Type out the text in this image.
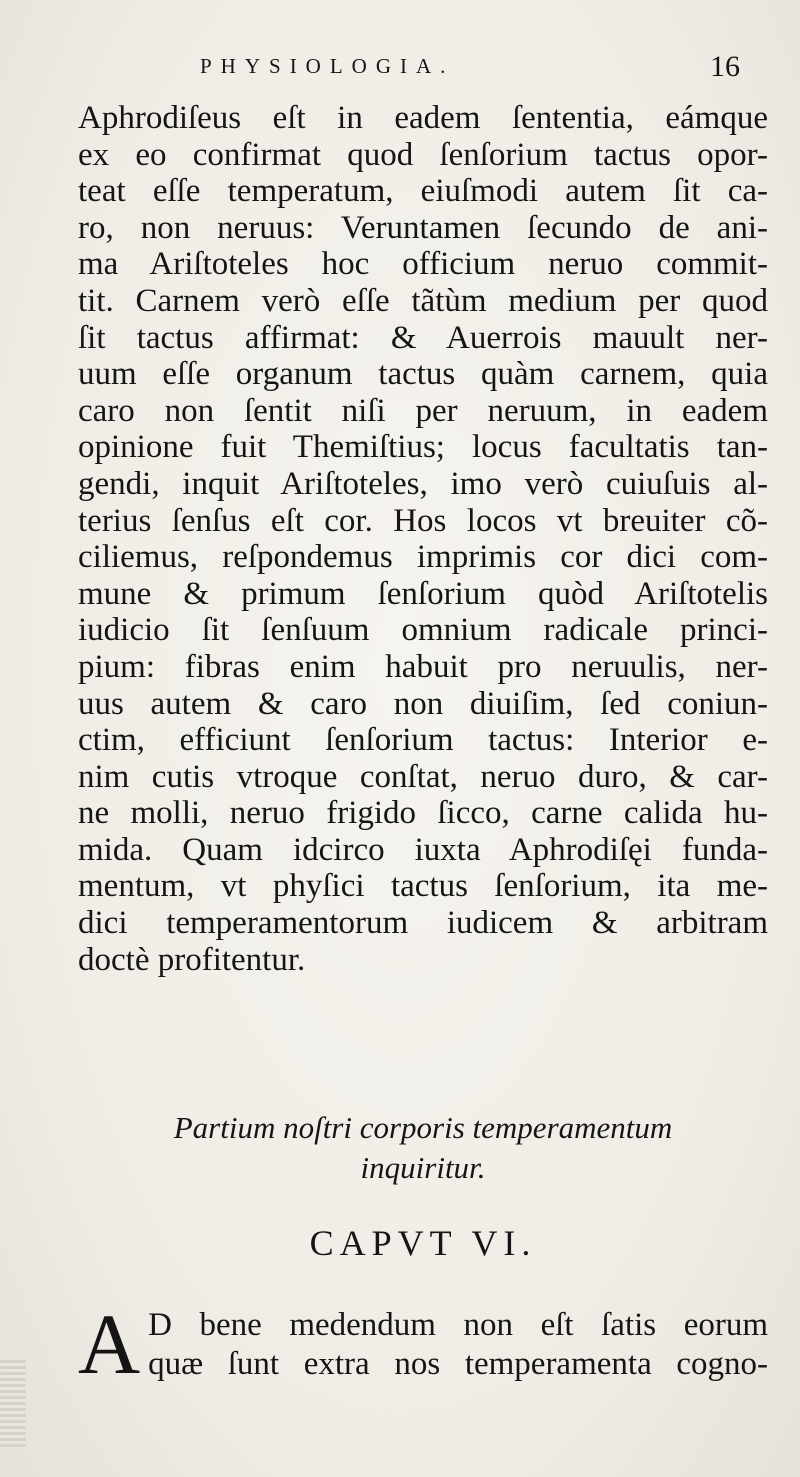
PHYSIOLOGIA.	16
Aphrodiſeus eſt in eadem ſententia, eámque
ex eo confirmat quod ſenſorium tactus opor-
teat eſſe temperatum, eiuſmodi autem ſit ca-
ro, non neruus: Veruntamen ſecundo de ani-
ma Ariſtoteles hoc officium neruo commit-
tit. Carnem verò eſſe tãtùm medium per quod
ſit tactus affirmat: & Auerrois mauult ner-
uum eſſe organum tactus quàm carnem, quia
caro non ſentit niſi per neruum, in eadem
opinione fuit Themiſtius; locus facultatis tan-
gendi, inquit Ariſtoteles, imo verò cuiuſuis al-
terius ſenſus eſt cor. Hos locos vt breuiter cõ-
ciliemus, reſpondemus imprimis cor dici com-
mune & primum ſenſorium quòd Ariſtotelis
iudicio ſit ſenſuum omnium radicale princi-
pium: fibras enim habuit pro neruulis, ner-
uus autem & caro non diuiſim, ſed coniun-
ctim, efficiunt ſenſorium tactus: Interior e-
nim cutis vtroque conſtat, neruo duro, & car-
ne molli, neruo frigido ſicco, carne calida hu-
mida. Quam idcirco iuxta Aphrodiſęi funda-
mentum, vt phyſici tactus ſenſorium, ita me-
dici temperamentorum iudicem & arbitram
doctè profitentur.
Partium noſtri corporis temperamentum
inquiritur.
CAPVT VI.
A D bene medendum non eſt ſatis eorum
quæ ſunt extra nos temperamenta cogno-
